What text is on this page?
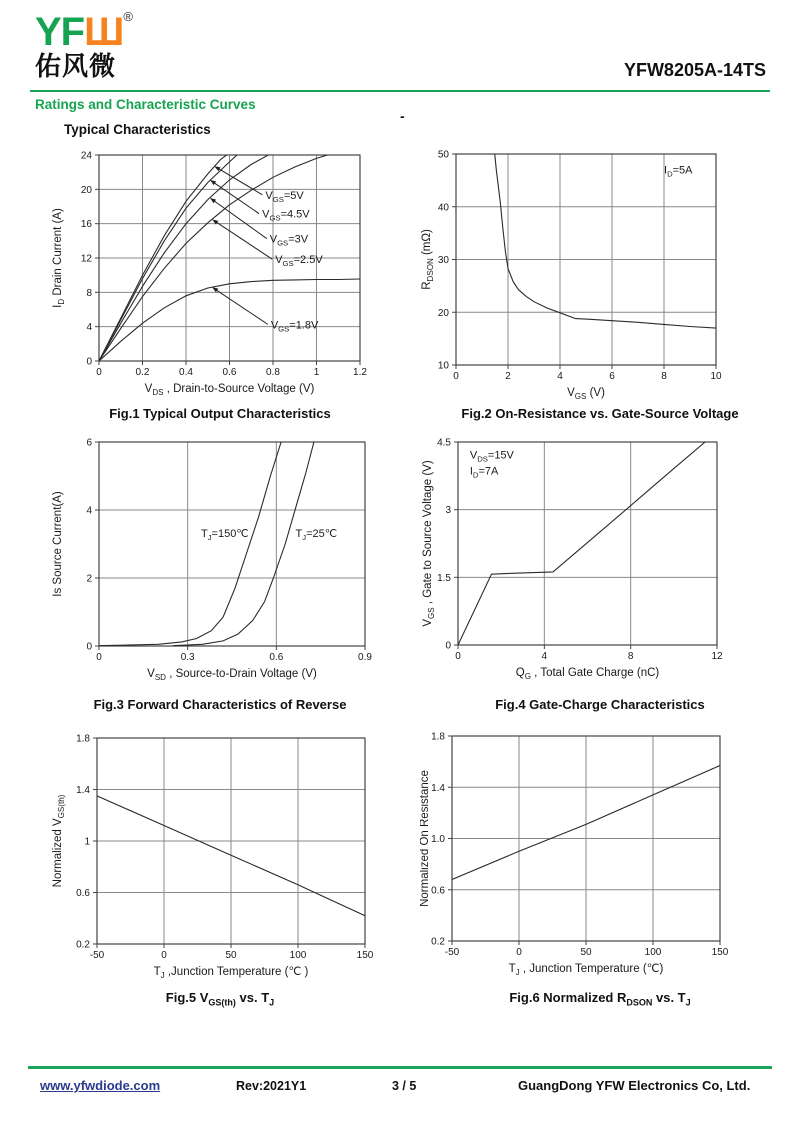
YFШ®
佑风微	YFW8205A-14TS
Ratings and Characteristic Curves
Typical Characteristics
-
0	0.2	0.4	0.6	0.8	1	1.2
0
4
8
12
16
20
24
$V_{DS}$ , Drain-to-Source Voltage (V)
$I_D$ Drain Current (A)
$V_{GS}=5V$
$V_{GS}=4.5V$
$V_{GS}=3V$
$V_{GS}=2.5V$
$V_{GS}=1.8V$
0	2	4	6	8	10
10
20
30
40
50
$V_{GS}$ (V)
$R_{DSON}$ (mΩ)
$I_D=5A$
0	0.3	0.6	0.9
0
2
4
6
$V_{SD}$ , Source-to-Drain Voltage (V)
Is Source Current(A)	$T_J=150℃$	$T_J=25℃$
0	4	8	12
0
1.5
3
4.5
$Q_G$ , Total Gate Charge (nC)
$V_{GS}$ , Gate to Source Voltage (V)
$V_{DS}=15V$
$I_D=7A$
-50	0	50	100	150
0.2
0.6
1
1.4
1.8
$T_J$ ,Junction Temperature (℃ )
Normalized $V_{GS(th)}$
-50	0	50	100	150
0.2
0.6
1.0
1.4
1.8
$T_J$ , Junction Temperature (℃)
Normalized On Resistance
Fig.1 Typical Output Characteristics	Fig.2 On-Resistance vs. Gate-Source Voltage
Fig.3 Forward Characteristics of Reverse	Fig.4 Gate-Charge Characteristics
Fig.5 $V_{GS(th)}$ vs. $T_J$	Fig.6 Normalized $R_{DSON}$ vs. $T_J$
www.yfwdiode.com	Rev:2021Y1	3 / 5	GuangDong YFW Electronics Co, Ltd.
